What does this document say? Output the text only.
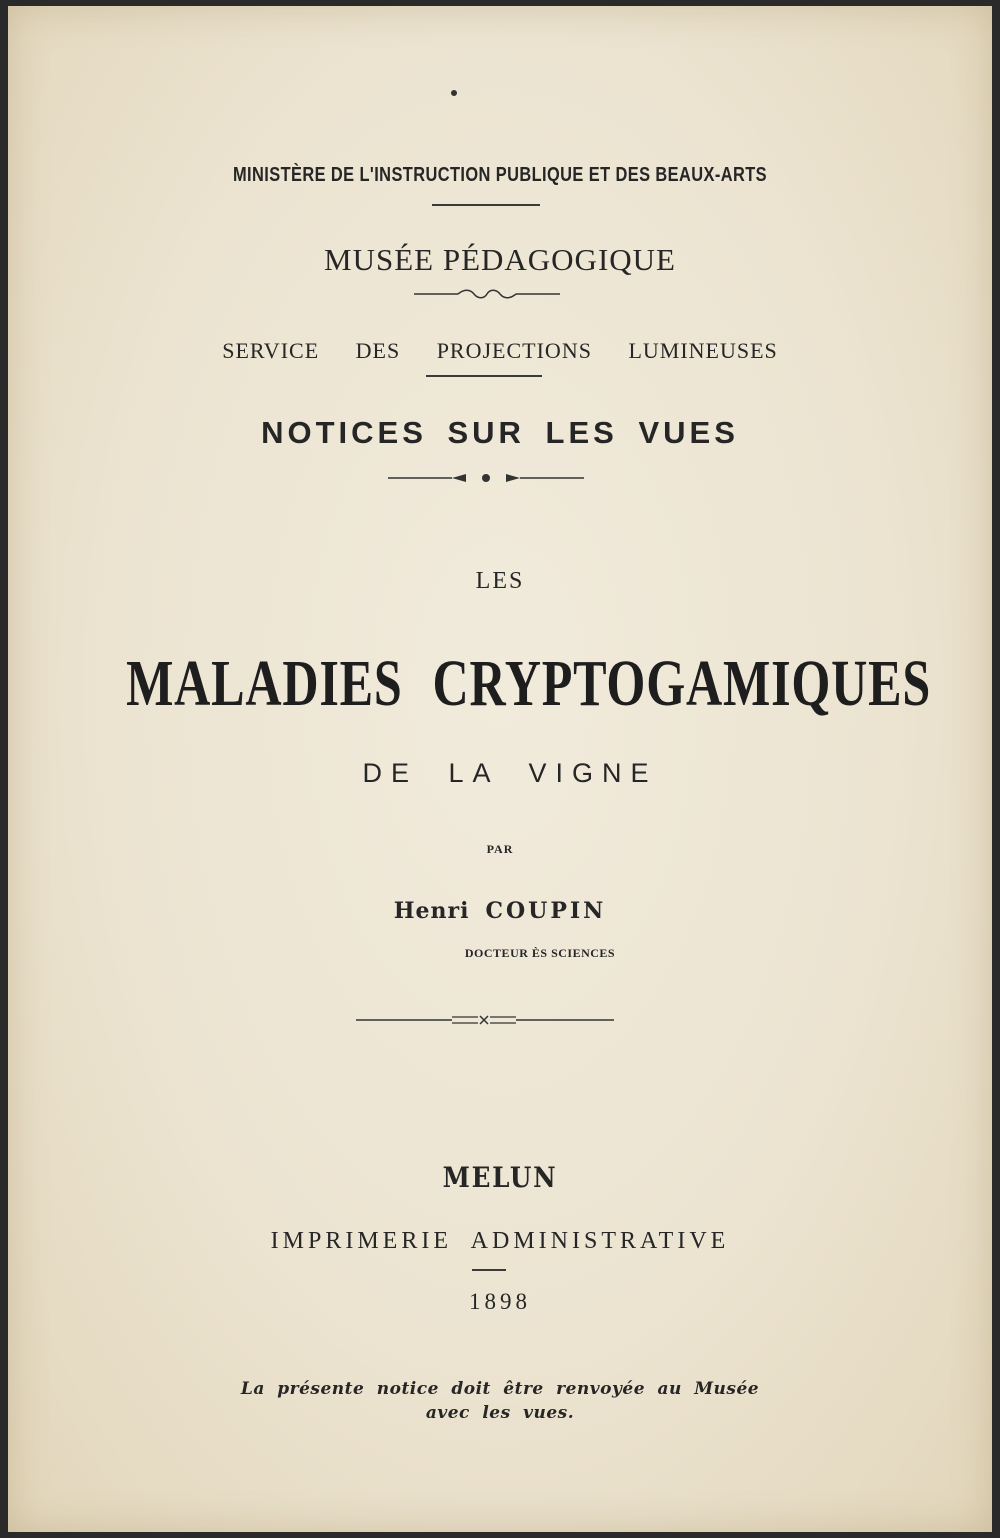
MINISTÈRE DE L'INSTRUCTION PUBLIQUE ET DES BEAUX-ARTS
MUSÉE PÉDAGOGIQUE
SERVICE DES PROJECTIONS LUMINEUSES
NOTICES SUR LES VUES
LES
MALADIES CRYPTOGAMIQUES
DE LA VIGNE
PAR
Henri COUPIN
DOCTEUR ÈS SCIENCES
MELUN
IMPRIMERIE ADMINISTRATIVE
1898
La présente notice doit être renvoyée au Musée
avec les vues.
